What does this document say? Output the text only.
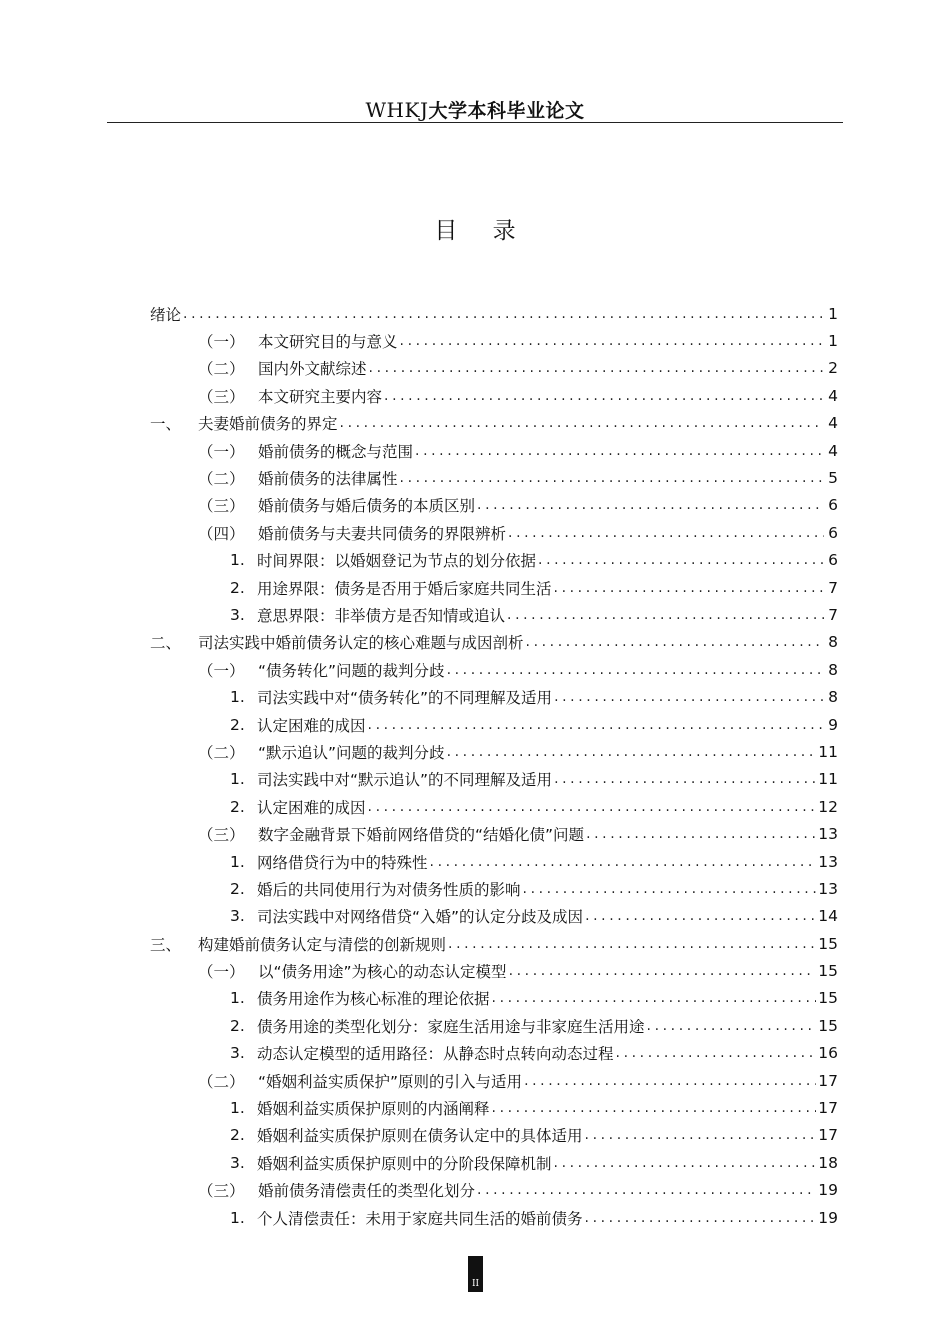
WHKJ大学本科毕业论文
目 录
绪论 .....	1
（一） 本文研究目的与意义 .....	1
（二） 国内外文献综述 .....	2
（三） 本文研究主要内容 .....	4
一、	夫妻婚前债务的界定 .....	4
（一） 婚前债务的概念与范围 .....	4
（二） 婚前债务的法律属性 .....	5
（三） 婚前债务与婚后债务的本质区别 .....	6
（四） 婚前债务与夫妻共同债务的界限辨析 .....	6
1. 时间界限：以婚姻登记为节点的划分依据 .....	6
2. 用途界限：债务是否用于婚后家庭共同生活 .....	7
3. 意思界限：非举债方是否知情或追认 .....	7
二、	司法实践中婚前债务认定的核心难题与成因剖析 .....	8
（一） “债务转化”问题的裁判分歧 .....	8
1. 司法实践中对“债务转化”的不同理解及适用 .....	8
2. 认定困难的成因 .....	9
（二） “默示追认”问题的裁判分歧 .....	11
1. 司法实践中对“默示追认”的不同理解及适用 .....	11
2. 认定困难的成因 .....	12
（三） 数字金融背景下婚前网络借贷的“结婚化债”问题 .....	13
1. 网络借贷行为中的特殊性 .....	13
2. 婚后的共同使用行为对债务性质的影响 .....	13
3. 司法实践中对网络借贷“入婚”的认定分歧及成因 .....	14
三、	构建婚前债务认定与清偿的创新规则 .....	15
（一） 以“债务用途”为核心的动态认定模型 .....	15
1. 债务用途作为核心标准的理论依据 .....	15
2. 债务用途的类型化划分：家庭生活用途与非家庭生活用途 .....	15
3. 动态认定模型的适用路径：从静态时点转向动态过程 .....	16
（二） “婚姻利益实质保护”原则的引入与适用 .....	17
1. 婚姻利益实质保护原则的内涵阐释 .....	17
2. 婚姻利益实质保护原则在债务认定中的具体适用 .....	17
3. 婚姻利益实质保护原则中的分阶段保障机制 .....	18
（三） 婚前债务清偿责任的类型化划分 .....	19
1. 个人清偿责任：未用于家庭共同生活的婚前债务 .....	19
II
